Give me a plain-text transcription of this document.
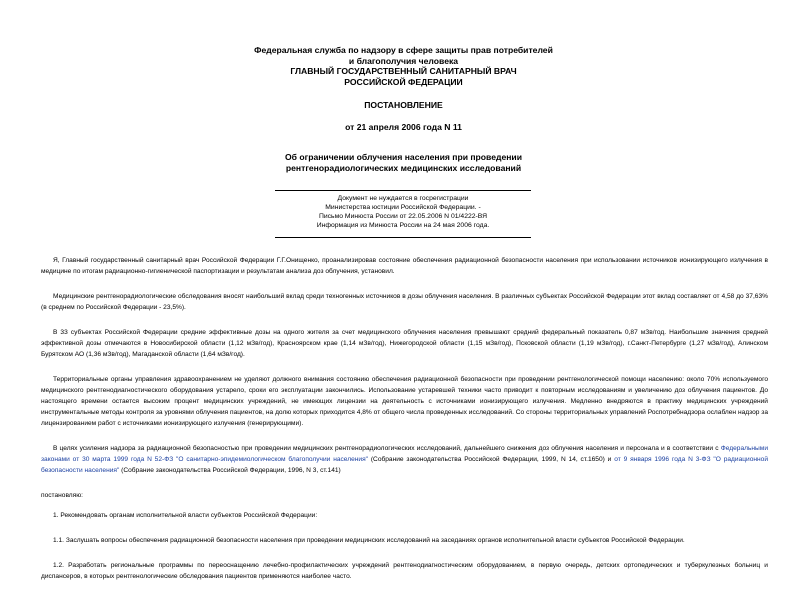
Федеральная служба по надзору в сфере защиты прав потребителей
и благополучия человека
ГЛАВНЫЙ ГОСУДАРСТВЕННЫЙ САНИТАРНЫЙ ВРАЧ
РОССИЙСКОЙ ФЕДЕРАЦИИ
ПОСТАНОВЛЕНИЕ
от 21 апреля 2006 года N 11
Об ограничении облучения населения при проведении
рентгенорадиологических медицинских исследований
Документ не нуждается в госрегистрации
Министерства юстиции Российской Федерации. -
Письмо Минюста России от 22.05.2006 N 01/4222-ВЯ
Информация из Минюста России на 24 мая 2006 года.

Я, Главный государственный санитарный врач Российской Федерации Г.Г.Онищенко, проанализировав состояние обеспечения радиационной безопасности населения при использовании источников ионизирующего излучения в медицине по итогам радиационно-гигиенической паспортизации и результатам анализа доз облучения, установил.

Медицинские рентгенорадиологические обследования вносят наибольший вклад среди техногенных источников в дозы облучения населения. В различных субъектах Российской Федерации этот вклад составляет от 4,58 до 37,63% (в среднем по Российской Федерации - 23,5%).

В 33 субъектах Российской Федерации средние эффективные дозы на одного жителя за счет медицинского облучения населения превышают средний федеральный показатель 0,87 мЗв/год. Наибольшие значения средней эффективной дозы отмечаются в Новосибирской области (1,12 мЗв/год), Красноярском крае (1,14 мЗв/год), Нижегородской области (1,15 мЗв/год), Псковской области (1,19 мЗв/год), г.Санкт-Петербурге (1,27 мЗв/год), Алинском Бурятском АО (1,36 мЗв/год), Магаданской области (1,64 мЗв/год).

Территориальные органы управления здравоохранением не уделяют должного внимания состоянию обеспечения радиационной безопасности при проведении рентгенологической помощи населению: около 70% используемого медицинского рентгенодиагностического оборудования устарело, сроки его эксплуатации закончились. Использование устаревшей техники часто приводит к повторным исследованиям и увеличению доз облучения пациентов. До настоящего времени остается высоким процент медицинских учреждений, не имеющих лицензии на деятельность с источниками ионизирующего излучения. Медленно внедряются в практику медицинских учреждений инструментальные методы контроля за уровнями облучения пациентов, на долю которых приходится 4,8% от общего числа проведенных исследований. Со стороны территориальных управлений Роспотребнадзора ослаблен надзор за лицензированием работ с источниками ионизирующего излучения (генерирующими).

В целях усиления надзора за радиационной безопасностью при проведении медицинских рентгенорадиологических исследований, дальнейшего снижения доз облучения населения и персонала и в соответствии с Федеральными законами от 30 марта 1999 года N 52-ФЗ "О санитарно-эпидемиологическом благополучии населения" (Собрание законодательства Российской Федерации, 1999, N 14, ст.1650) и от 9 января 1996 года N 3-ФЗ "О радиационной безопасности населения" (Собрание законодательства Российской Федерации, 1996, N 3, ст.141)

постановляю:

1. Рекомендовать органам исполнительной власти субъектов Российской Федерации:

1.1. Заслушать вопросы обеспечения радиационной безопасности населения при проведении медицинских исследований на заседаниях органов исполнительной власти субъектов Российской Федерации.

1.2. Разработать региональные программы по переоснащению лечебно-профилактических учреждений рентгенодиагностическим оборудованием, в первую очередь, детских ортопедических и туберкулезных больниц и диспансеров, в которых рентгенологические обследования пациентов применяются наиболее часто.
